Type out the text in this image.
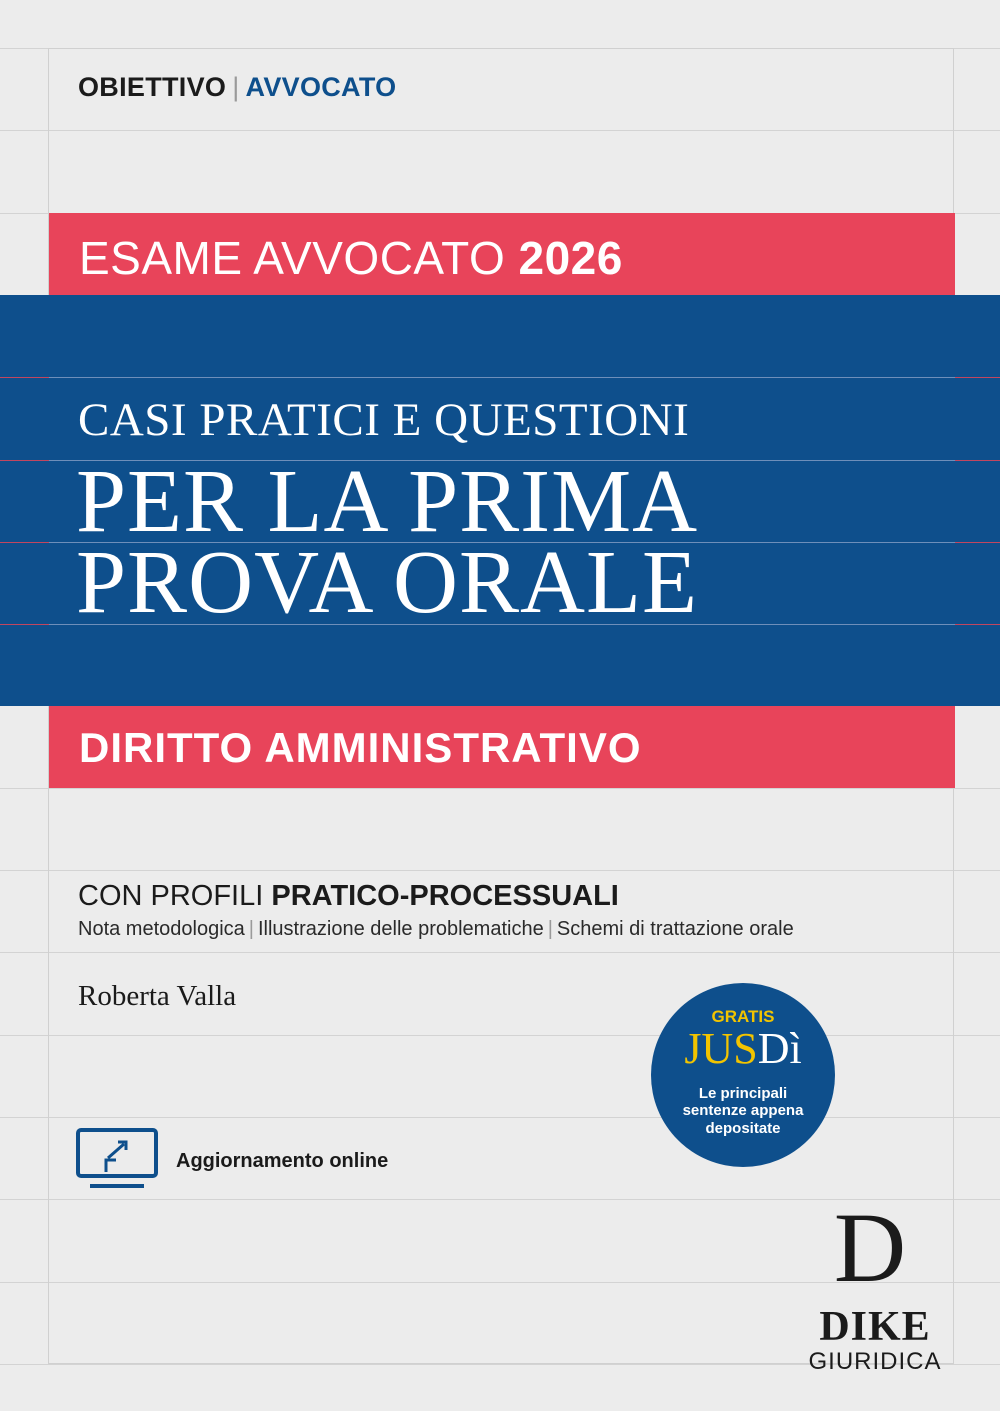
OBIETTIVO | AVVOCATO
ESAME AVVOCATO 2026
CASI PRATICI E QUESTIONI
PER LA PRIMA
PROVA ORALE
DIRITTO AMMINISTRATIVO
CON PROFILI PRATICO-PROCESSUALI
Nota metodologica | Illustrazione delle problematiche | Schemi di trattazione orale
Roberta Valla
GRATIS
JUSDì
Le principali sentenze appena depositate
Aggiornamento online
D
DIKE
GIURIDICA
